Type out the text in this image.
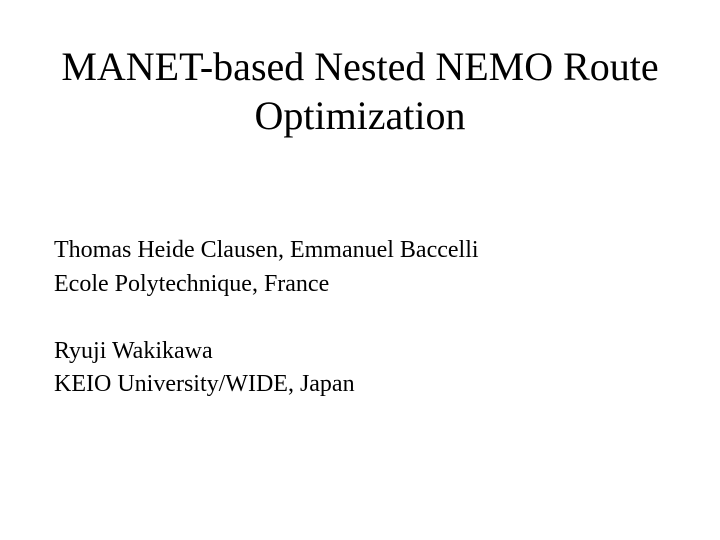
MANET-based Nested NEMO Route
Optimization
Thomas Heide Clausen, Emmanuel Baccelli
Ecole Polytechnique, France
Ryuji Wakikawa
KEIO University/WIDE, Japan
